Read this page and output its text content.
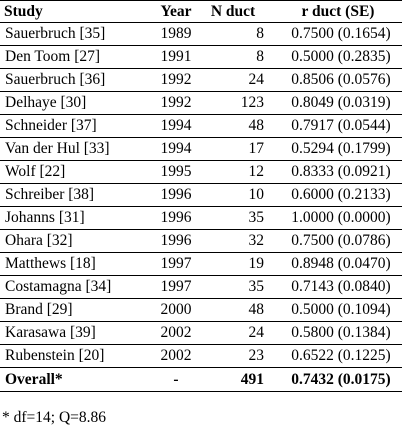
Study	Year	N duct	r duct (SE)
Sauerbruch [35]	1989	8	0.7500 (0.1654)
Den Toom [27]	1991	8	0.5000 (0.2835)
Sauerbruch [36]	1992	24	0.8506 (0.0576)
Delhaye [30]	1992	123	0.8049 (0.0319)
Schneider [37]	1994	48	0.7917 (0.0544)
Van der Hul [33]	1994	17	0.5294 (0.1799)
Wolf [22]	1995	12	0.8333 (0.0921)
Schreiber [38]	1996	10	0.6000 (0.2133)
Johanns [31]	1996	35	1.0000 (0.0000)
Ohara [32]	1996	32	0.7500 (0.0786)
Matthews [18]	1997	19	0.8948 (0.0470)
Costamagna [34]	1997	35	0.7143 (0.0840)
Brand [29]	2000	48	0.5000 (0.1094)
Karasawa [39]	2002	24	0.5800 (0.1384)
Rubenstein [20]	2002	23	0.6522 (0.1225)
Overall*	-	491	0.7432 (0.0175)
* df=14; Q=8.86
